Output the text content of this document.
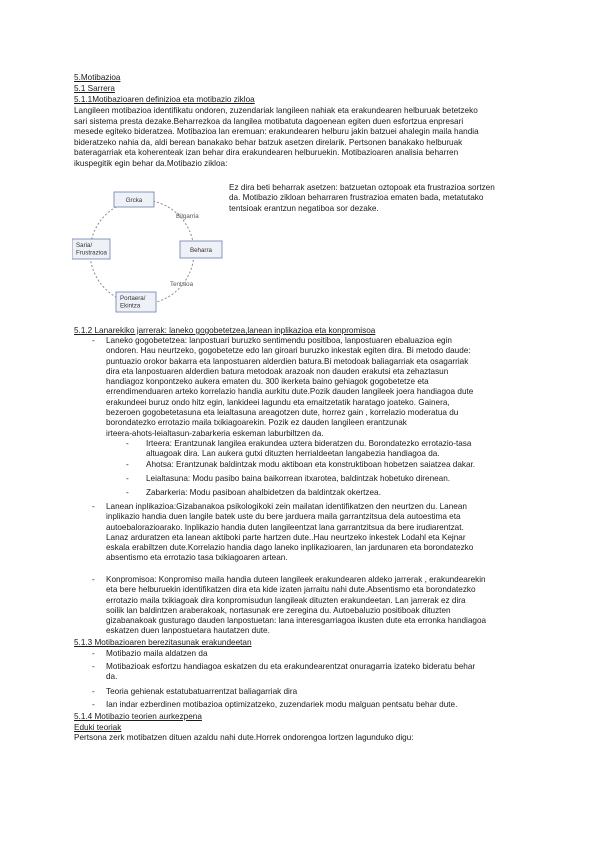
5.Motibazioa
5.1 Sarrera
5.1.1Motibazioaren definizioa eta motibazio zikloa
Langileen motibazioa identifikatu ondoren, zuzendariak langileen nahiak eta erakundearen helburuak betetzeko
sari sistema presta dezake.Beharrezkoa da langilea motibatuta dagoenean egiten duen esfortzua enpresari
mesede egiteko bideratzea. Motibazioa lan eremuan: erakundearen helburu jakin batzuei ahalegin maila handia
bideratzeko nahia da, aldi berean banakako behar batzuk asetzen direlarik. Pertsonen banakako helburuak
bateragarriak eta koherenteak izan behar dira erakundearen helburuekin. Motibazioaren analisia beharren
ikuspegitik egin behar da.Motibazio zikloa:
Grcka
Beharra
Saria/ Frustrazioa
Portaera/ Ekintza
Bilgarria
Tentsioa
Ez dira beti beharrak asetzen: batzuetan oztopoak eta frustrazioa sortzen
da. Motibazio zikloan beharraren frustrazioa ematen bada, metatutako
tentsioak erantzun negatiboa sor dezake.
5.1.2 Lanarekiko jarrerak: laneko gogobetetzea,lanean inplikazioa eta konpromisoa
- Laneko gogobetetzea: lanpostuari buruzko sentimendu positiboa, lanpostuaren ebaluazioa egin
ondoren. Hau neurtzeko, gogobetetze edo lan giroari buruzko inkestak egiten dira. Bi metodo daude:
puntuazio orokor bakarra eta lanpostuaren alderdien batura.Bi metodoak baliagarriak eta osagarriak
dira eta lanpostuaren alderdien batura metodoak arazoak non dauden erakutsi eta zehaztasun
handiagoz konpontzeko aukera ematen du. 300 ikerketa baino gehiagok gogobetetze eta
errendimenduaren arteko korrelazio handia aurkitu dute.Pozik dauden langileek joera handiagoa dute
erakundeei buruz ondo hitz egin, lankideei lagundu eta emaitzetatik haratago joateko. Gainera,
bezeroen gogobetetasuna eta leialtasuna areagotzen dute, horrez gain , korrelazio moderatua du
borondatezko errotazio maila txikiagoarekin. Pozik ez dauden langileen erantzunak
irteera-ahots-leialtasun-zabarkeria eskeman laburbiltzen da.
- Irteera: Erantzunak langilea erakundea uztera bideratzen du. Borondatezko errotazio-tasa
altuagoak dira. Lan aukera gutxi dituzten herrialdeetan langabezia handiagoa da.
- Ahotsa: Erantzunak baldintzak modu aktiboan eta konstruktiboan hobetzen saiatzea dakar.
- Leialtasuna: Modu pasibo baina baikorrean itxarotea, baldintzak hobetuko direnean.
- Zabarkeria: Modu pasiboan ahalbidetzen da baldintzak okertzea.
- Lanean inplikazioa:Gizabanakoa psikologikoki zein mailatan identifikatzen den neurtzen du. Lanean
inplikazio handia duen langile batek uste du bere jarduera maila garrantzitsua dela autoestima eta
autoebalorazioarako. Inplikazio handia duten langileentzat lana garrantzitsua da bere irudiarentzat.
Lanaz arduratzen eta lanean aktiboki parte hartzen dute..Hau neurtzeko inkestek Lodahl eta Kejnar
eskala erabiltzen dute.Korrelazio handia dago laneko inplikazioaren, lan jardunaren eta borondatezko
absentismo eta errotazio tasa txikiagoaren artean.
- Konpromisoa: Konpromiso maila handia duteen langileek erakundearen aldeko jarrerak , erakundearekin
eta bere helburuekin identifikatzen dira eta kide izaten jarraitu nahi dute.Absentismo eta borondatezko
errotazio maila txikiagoak dira konpromisudun langileak dituzten erakundeetan. Lan jarrerak ez dira
soilik lan baldintzen araberakoak, nortasunak ere zeregina du. Autoebaluzio positiboak dituzten
gizabanakoak gusturago dauden lanpostuetan: lana interesgarriagoa ikusten dute eta erronka handiagoa
eskatzen duen lanpostuetara hautatzen dute.
5.1.3 Motibazioaren berezitasunak erakundeetan
- Motibazio maila aldatzen da
- Motibazioak esfortzu handiagoa eskatzen du eta erakundearentzat onuragarria izateko bideratu behar
da.
- Teoria gehienak estatubatuarrentzat baliagarriak dira
- Ian indar ezberdinen motibazioa optimizatzeko, zuzendariek modu malguan pentsatu behar dute.
5.1.4 Motibazio teorien aurkezpena
Eduki teoriak
Pertsona zerk motibatzen dituen azaldu nahi dute.Horrek ondorengoa lortzen lagunduko digu:
